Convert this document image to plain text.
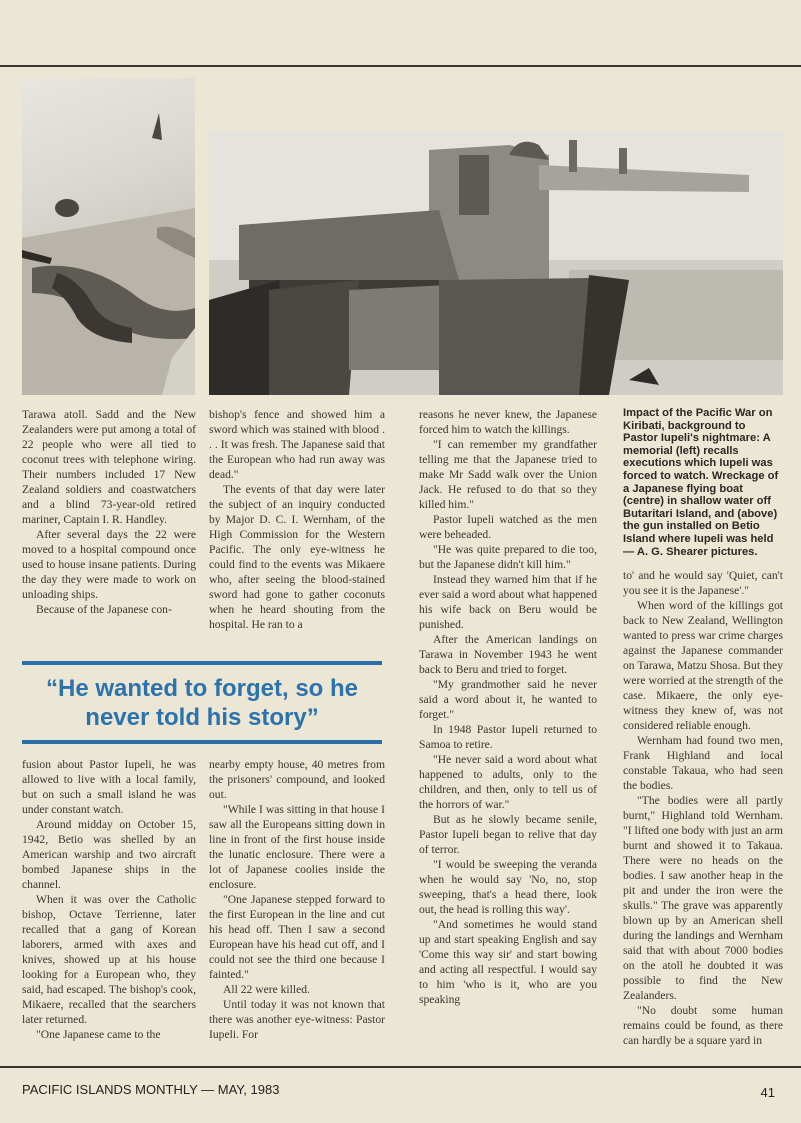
Tarawa atoll. Sadd and the New Zealanders were put among a total of 22 people who were all tied to coconut trees with telephone wiring. Their numbers included 17 New Zealand soldiers and coastwatchers and a blind 73-year-old retired mariner, Captain I. R. Handley.

After several days the 22 were moved to a hospital compound once used to house insane patients. During the day they were made to work on unloading ships.

Because of the Japanese con-

bishop's fence and showed him a sword which was stained with blood . . . It was fresh. The Japanese said that the European who had run away was dead."

The events of that day were later the subject of an inquiry conducted by Major D. C. I. Wernham, of the High Commission for the Western Pacific. The only eye-witness he could find to the events was Mikaere who, after seeing the blood-stained sword had gone to gather coconuts when he heard shouting from the hospital. He ran to a

reasons he never knew, the Japanese forced him to watch the killings.

"I can remember my grandfather telling me that the Japanese tried to make Mr Sadd walk over the Union Jack. He refused to do that so they killed him."

Pastor Iupeli watched as the men were beheaded.

"He was quite prepared to die too, but the Japanese didn't kill him."

Instead they warned him that if he ever said a word about what happened his wife back on Beru would be punished.

After the American landings on Tarawa in November 1943 he went back to Beru and tried to forget.

"My grandmother said he never said a word about it, he wanted to forget."

In 1948 Pastor Iupeli returned to Samoa to retire.

"He never said a word about what happened to adults, only to the children, and then, only to tell us of the horrors of war."

But as he slowly became senile, Pastor Iupeli began to relive that day of terror.

"I would be sweeping the veranda when he would say 'No, no, stop sweeping, that's a head there, look out, the head is rolling this way'.

"And sometimes he would stand up and start speaking English and say 'Come this way sir' and start bowing and acting all respectful. I would say to him 'who is it, who are you speaking

Impact of the Pacific War on Kiribati, background to Pastor Iupeli's nightmare: A memorial (left) recalls executions which Iupeli was forced to watch. Wreckage of a Japanese flying boat (centre) in shallow water off Butaritari Island, and (above) the gun installed on Betio Island where Iupeli was held — A. G. Shearer pictures.

to' and he would say 'Quiet, can't you see it is the Japanese'."

When word of the killings got back to New Zealand, Wellington wanted to press war crime charges against the Japanese commander on Tarawa, Matzu Shosa. But they were worried at the strength of the case. Mikaere, the only eye-witness they knew of, was not considered reliable enough.

Wernham had found two men, Frank Highland and local constable Takaua, who had seen the bodies.

"The bodies were all partly burnt," Highland told Wernham. "I lifted one body with just an arm burnt and showed it to Takaua. There were no heads on the bodies. I saw another heap in the pit and under the iron were the skulls." The grave was apparently blown up by an American shell during the landings and Wernham said that with about 7000 bodies on the atoll he doubted it was possible to find the New Zealanders.

"No doubt some human remains could be found, as there can hardly be a square yard in

“He wanted to forget, so he never told his story”

fusion about Pastor Iupeli, he was allowed to live with a local family, but on such a small island he was under constant watch.

Around midday on October 15, 1942, Betio was shelled by an American warship and two aircraft bombed Japanese ships in the channel.

When it was over the Catholic bishop, Octave Terrienne, later recalled that a gang of Korean laborers, armed with axes and knives, showed up at his house looking for a European who, they said, had escaped. The bishop's cook, Mikaere, recalled that the searchers later returned.

"One Japanese came to the

nearby empty house, 40 metres from the prisoners' compound, and looked out.

"While I was sitting in that house I saw all the Europeans sitting down in line in front of the first house inside the lunatic enclosure. There were a lot of Japanese coolies inside the enclosure.

"One Japanese stepped forward to the first European in the line and cut his head off. Then I saw a second European have his head cut off, and I could not see the third one because I fainted."

All 22 were killed.

Until today it was not known that there was another eye-witness: Pastor Iupeli. For

PACIFIC ISLANDS MONTHLY — MAY, 1983	41
